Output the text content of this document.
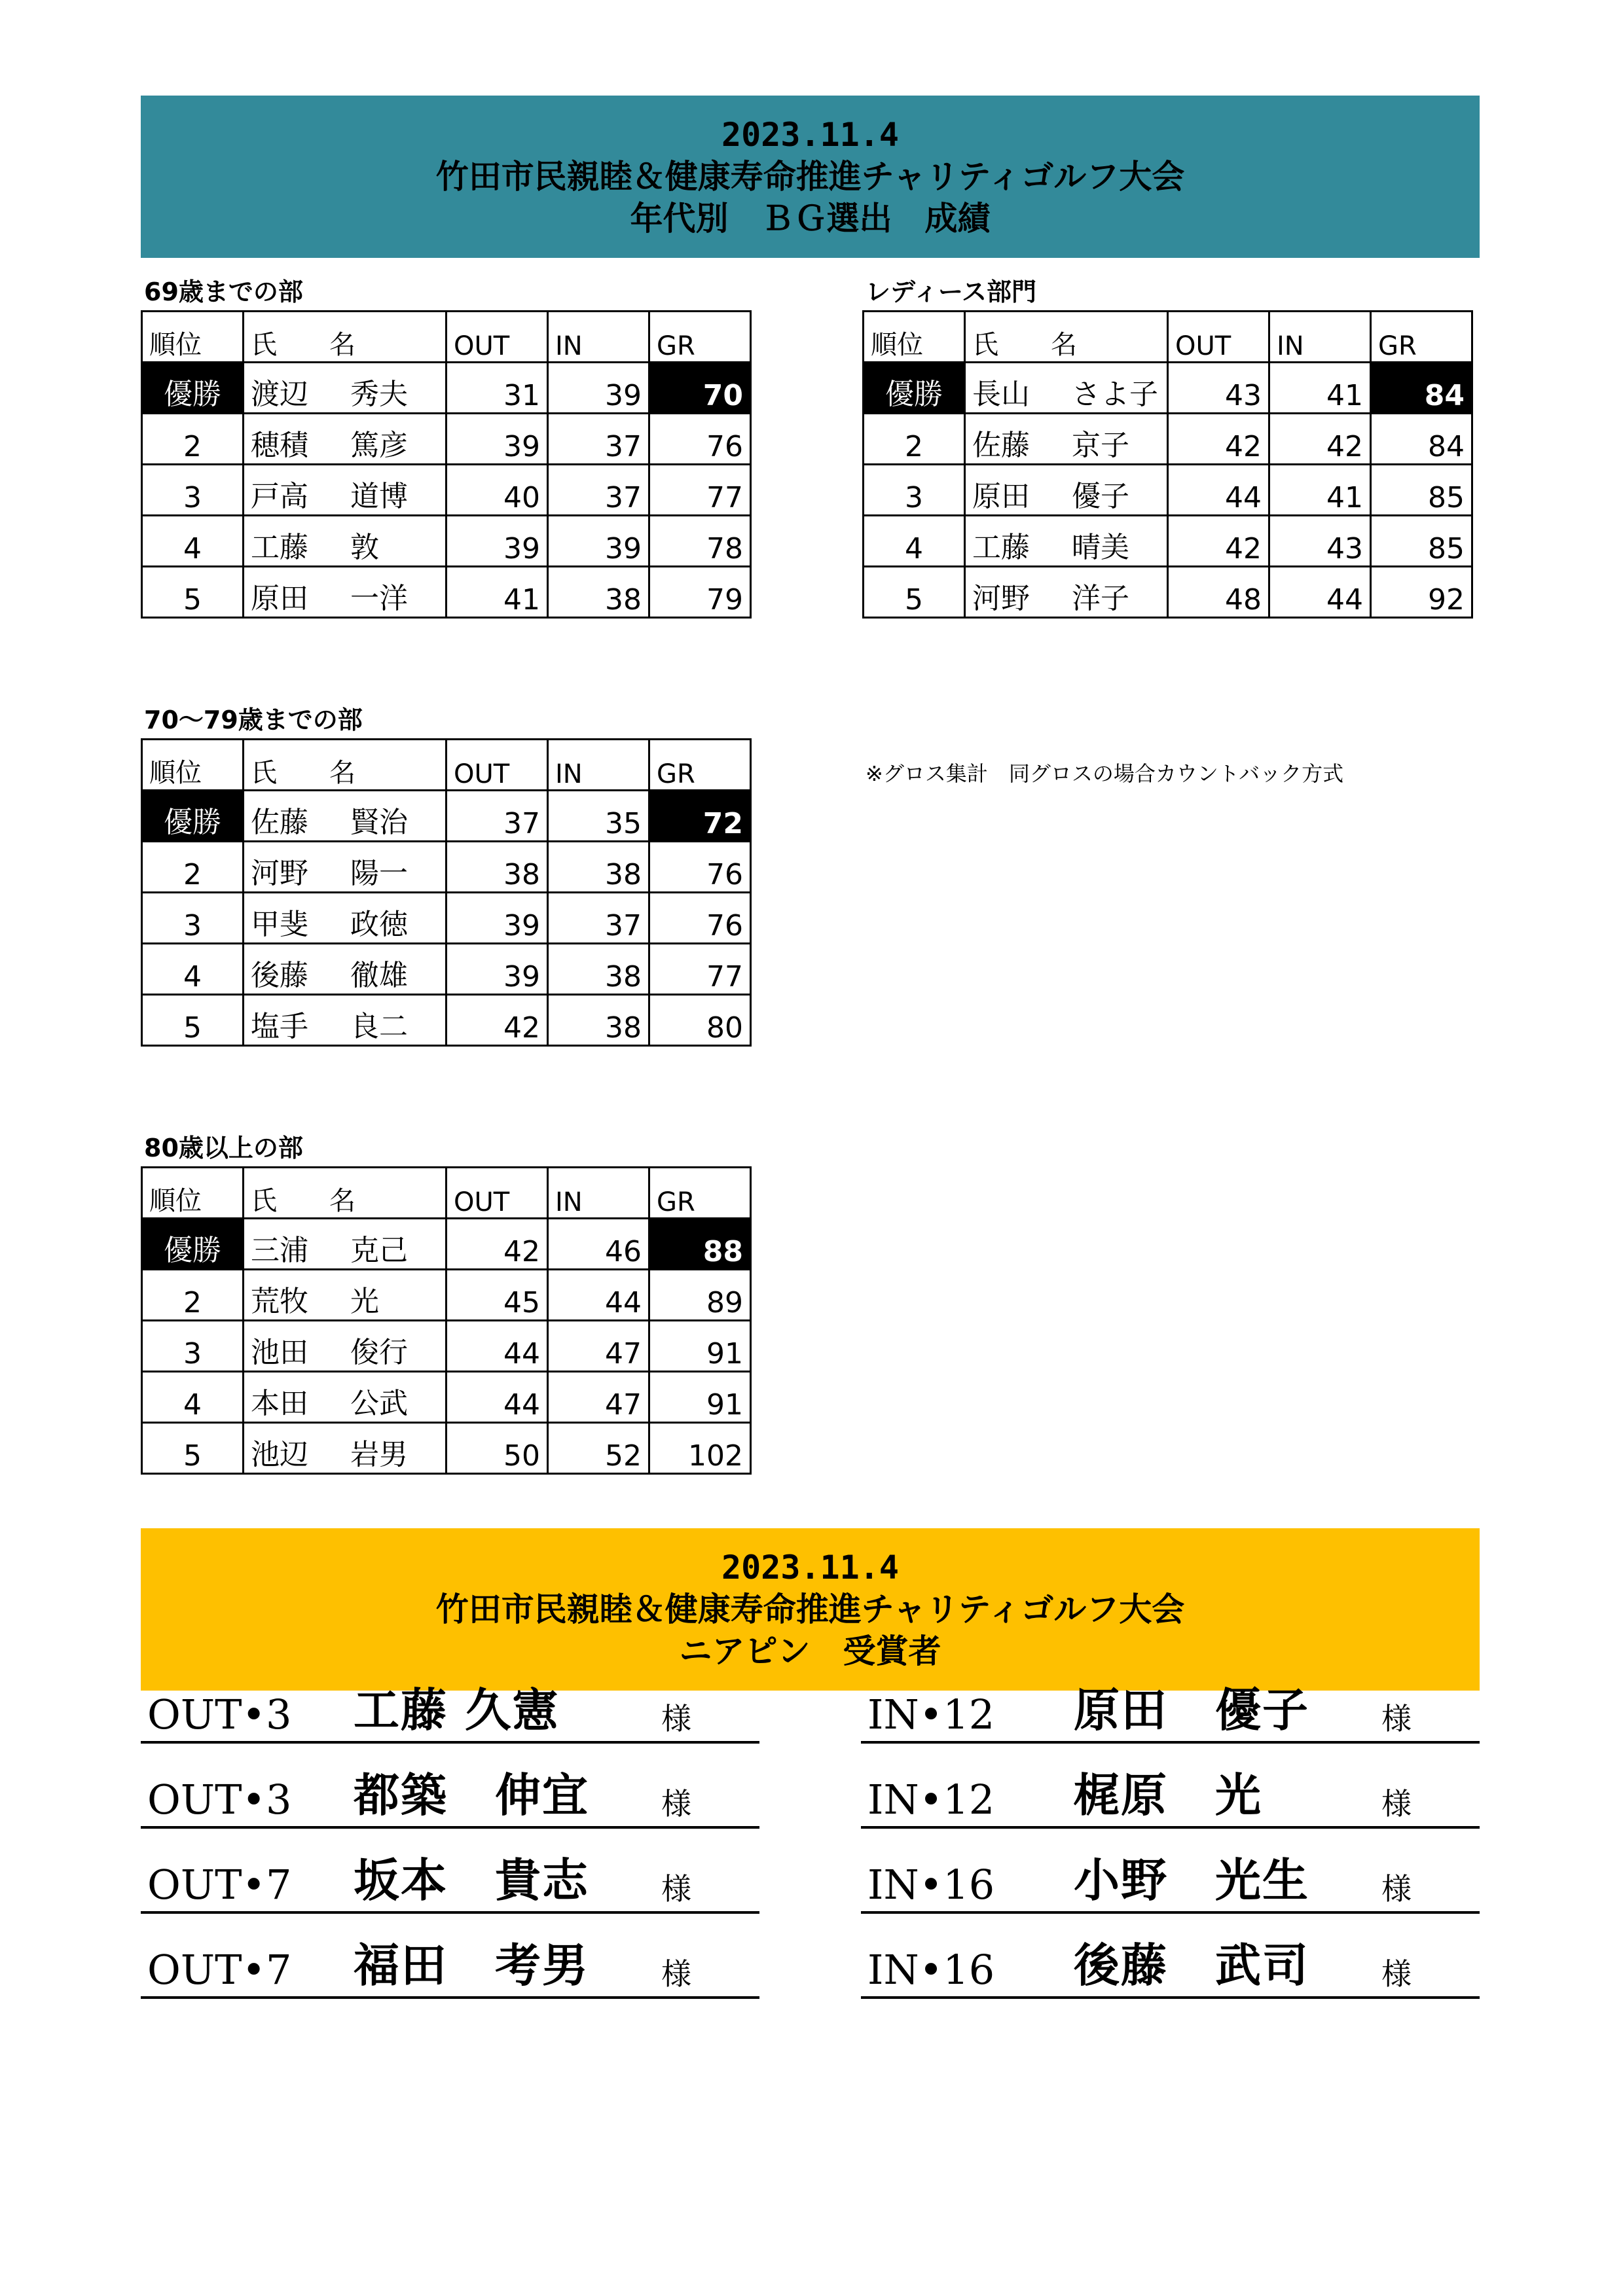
2023.11.4
竹田市民親睦＆健康寿命推進チャリティゴルフ大会
年代別　ＢＧ選出　成績
69歳までの部	レディース部門
70～79歳までの部
80歳以上の部
順位	氏　　名	OUT	IN	GR
優勝	渡辺 秀夫	31	39	70
2	穂積 篤彦	39	37	76
3	戸高 道博	40	37	77
4	工藤 敦	39	39	78
5	原田 一洋	41	38	79
順位	氏　　名	OUT	IN	GR
優勝	長山 さよ子	43	41	84
2	佐藤 京子	42	42	84
3	原田 優子	44	41	85
4	工藤 晴美	42	43	85
5	河野 洋子	48	44	92
順位	氏　　名	OUT	IN	GR
優勝	佐藤 賢治	37	35	72
2	河野 陽一	38	38	76
3	甲斐 政徳	39	37	76
4	後藤 徹雄	39	38	77
5	塩手 良二	42	38	80
順位	氏　　名	OUT	IN	GR
優勝	三浦 克己	42	46	88
2	荒牧 光	45	44	89
3	池田 俊行	44	47	91
4	本田 公武	44	47	91
5	池辺 岩男	50	52	102
※グロス集計　同グロスの場合カウントバック方式
2023.11.4
竹田市民親睦＆健康寿命推進チャリティゴルフ大会
ニアピン　受賞者
OUT•3 工藤 久憲	様
OUT•3 都築　伸宜 様
OUT•7 坂本　貴志 様
OUT•7 福田　考男 様
IN•12 原田　優子 様
IN•12 梶原　光	様
IN•16 小野　光生 様
IN•16 後藤　武司 様
